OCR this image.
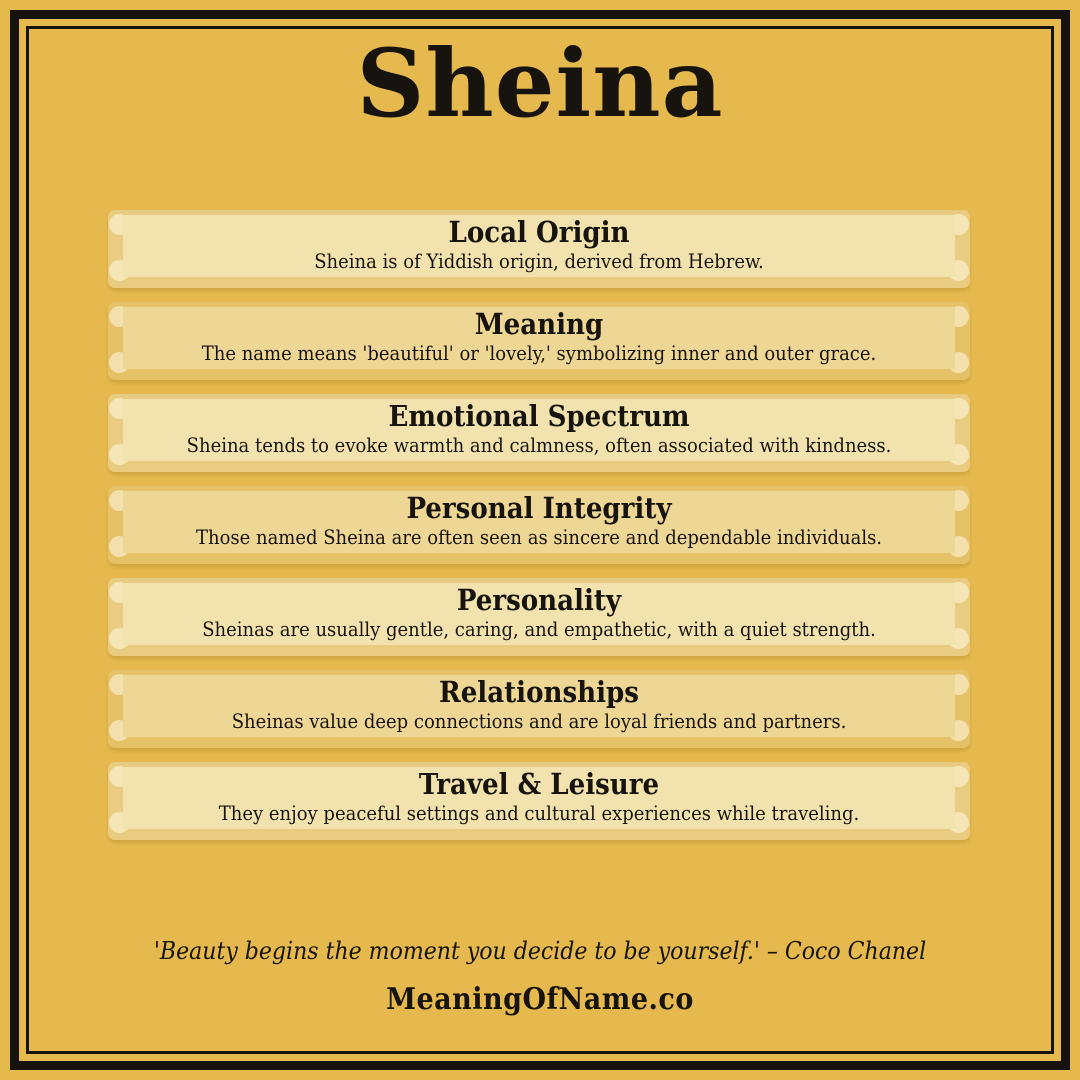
Sheina
Local Origin

Sheina is of Yiddish origin, derived from Hebrew.

Meaning

The name means 'beautiful' or 'lovely,' symbolizing inner and outer grace.

Emotional Spectrum

Sheina tends to evoke warmth and calmness, often associated with kindness.

Personal Integrity

Those named Sheina are often seen as sincere and dependable individuals.

Personality

Sheinas are usually gentle, caring, and empathetic, with a quiet strength.

Relationships

Sheinas value deep connections and are loyal friends and partners.

Travel & Leisure

They enjoy peaceful settings and cultural experiences while traveling.

'Beauty begins the moment you decide to be yourself.' – Coco Chanel

MeaningOfName.co
